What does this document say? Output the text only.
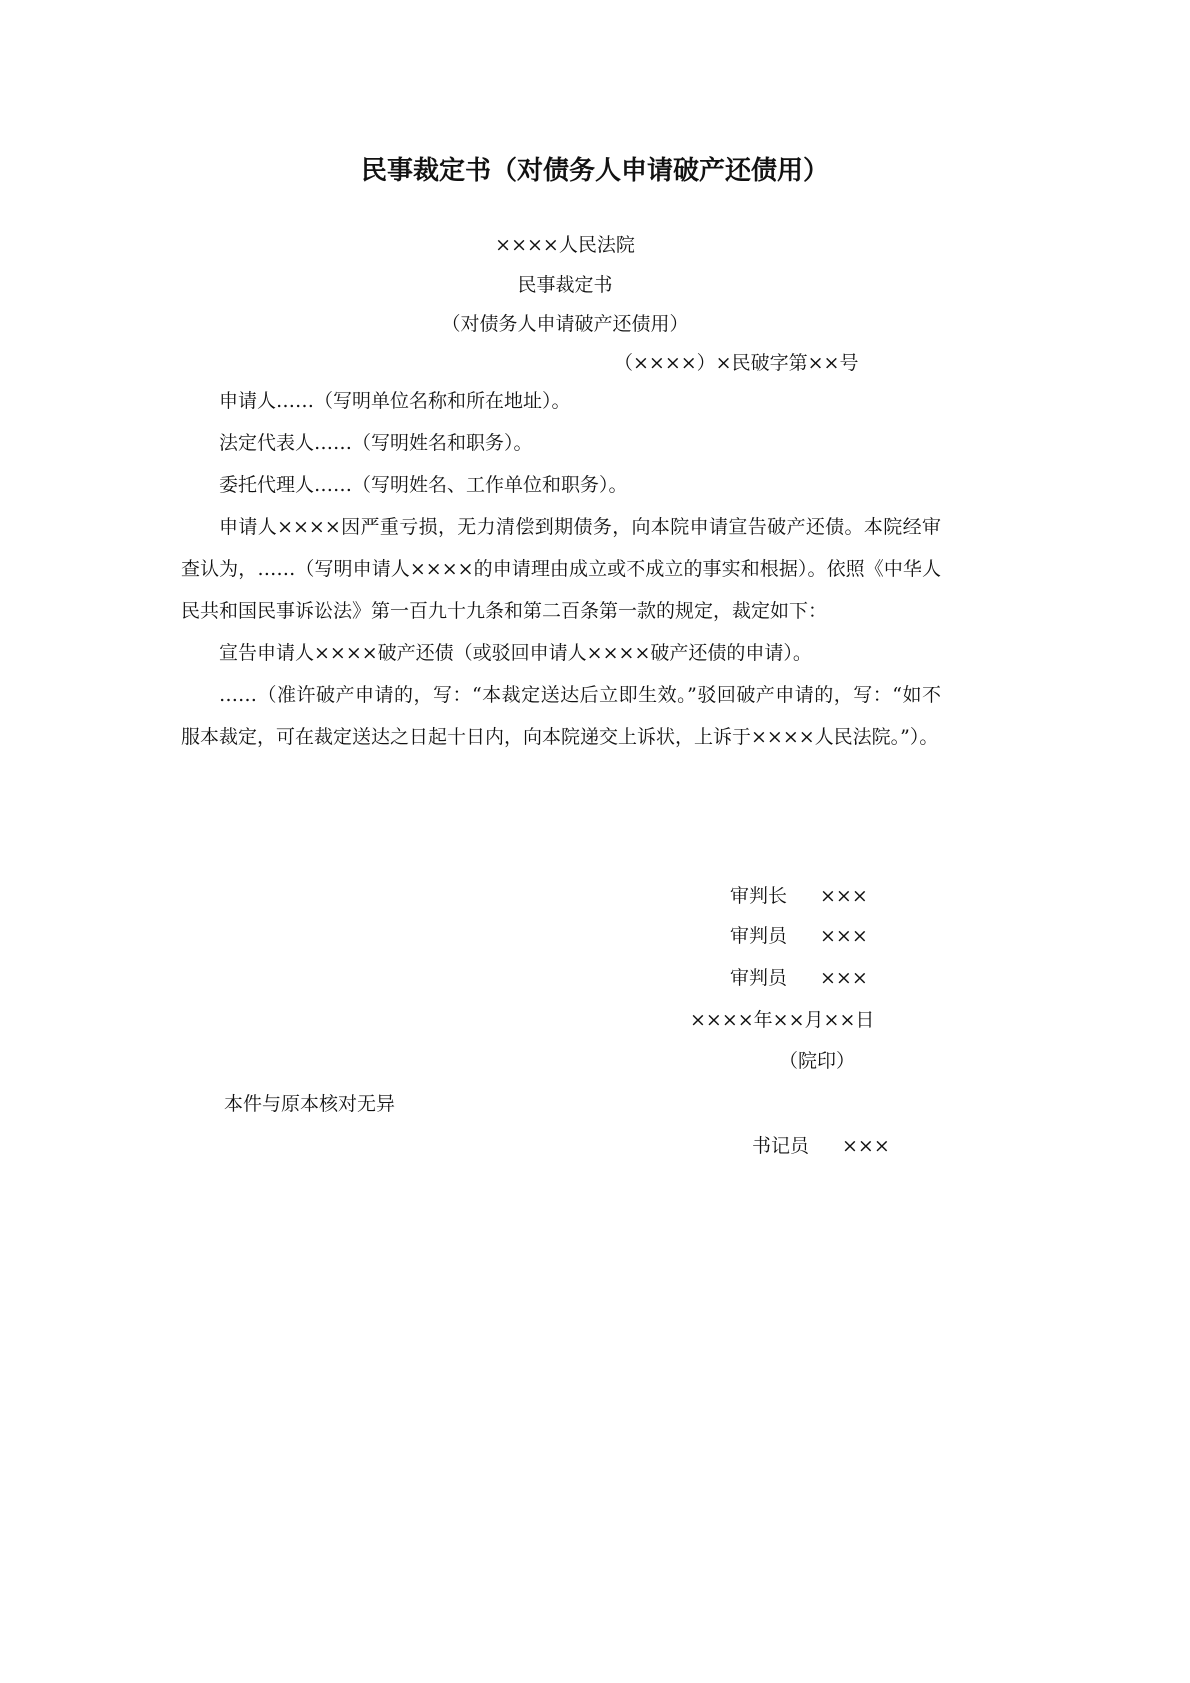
民事裁定书（对债务人申请破产还债用）
××××人民法院
民事裁定书
（对债务人申请破产还债用）
（××××）×民破字第××号

申请人……（写明单位名称和所在地址）。

法定代表人……（写明姓名和职务）。

委托代理人……（写明姓名、工作单位和职务）。

申请人××××因严重亏损，无力清偿到期债务，向本院申请宣告破产还债。本院经审查认为，……（写明申请人××××的申请理由成立或不成立的事实和根据）。依照《中华人民共和国民事诉讼法》第一百九十九条和第二百条第一款的规定，裁定如下：

宣告申请人××××破产还债（或驳回申请人××××破产还债的申请）。

……（准许破产申请的，写：“本裁定送达后立即生效。”驳回破产申请的，写：“如不服本裁定，可在裁定送达之日起十日内，向本院递交上诉状，上诉于××××人民法院。”）。

审判长 ×××
审判员 ×××
审判员 ×××
××××年××月××日
（院印）
本件与原本核对无异
书记员 ×××
